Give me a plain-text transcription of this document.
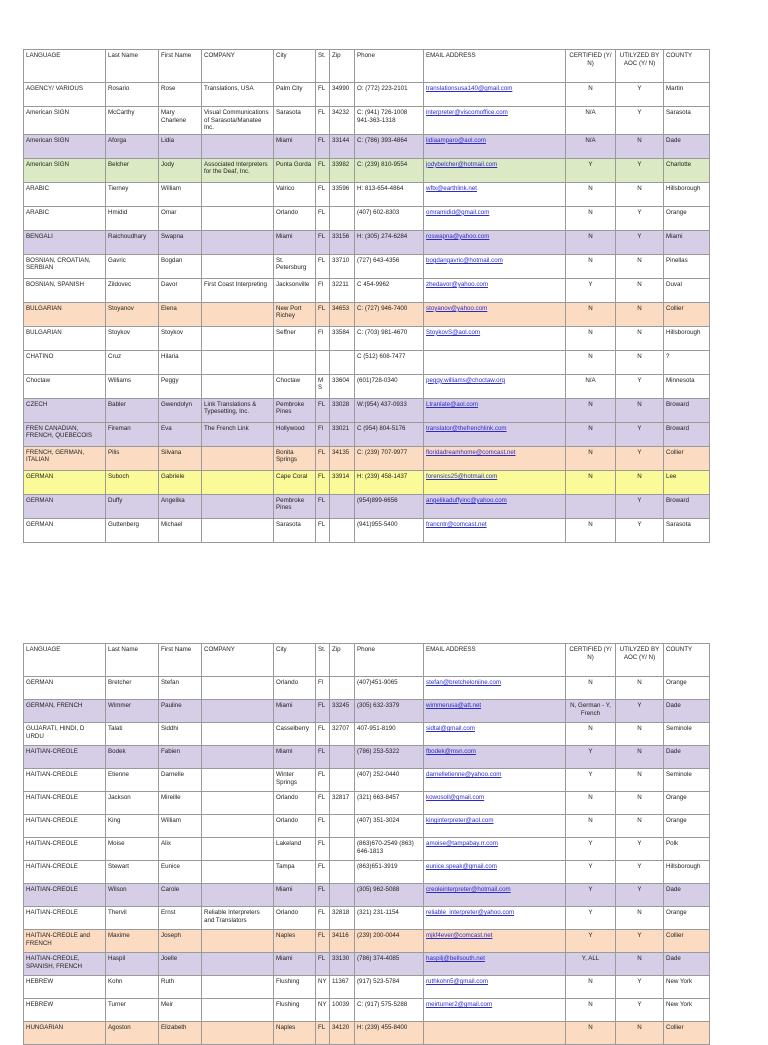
LANGUAGE	Last Name	First Name	COMPANY	City	St.	Zip	Phone	EMAIL ADDRESS	CERTIFIED (Y/ N)	UTILYZED BY AOC (Y/ N)	COUNTY
AGENCY/ VARIOUS	Rosario	Rose	Translations, USA	Palm City	FL	34990	O: (772) 223-2101	translationsusa140@gmail.com	N	Y	Martin
American SIGN	McCarthy	Mary Charlene	Visual Communications of Sarasota/Manatee Inc.	Sarasota	FL	34232	C: (941) 726-1008 941-363-1318	interpreter@viscomoffice.com	N/A	Y	Sarasota
American SIGN	Aforga	Lidia		Miami	FL	33144	C: (786) 393-4864	lidiaamparo@aol.com	N/A	N	Dade
American SIGN	Belcher	Jody	Associated Interpreters for the Deaf, Inc.	Punta Gorda	FL	33982	C: (239) 810-9554	jodybelcher@hotmail.com	Y	Y	Charlotte
ARABIC	Tierney	William		Valrico	FL	33596	H: 813-654-4864	wftx@earthlink.net	N	N	Hillsborough
ARABIC	Hmidid	Omar		Orlando	FL		(407) 602-8303	omramidid@gmail.com	N	Y	Orange
BENGALI	Raichoudhary	Swapna		Miami	FL	33156	H: (305) 274-6284	roswapna@yahoo.com	N	Y	Miami
BOSNIAN, CROATIAN, SERBIAN	Gavric	Bogdan		St. Petersburg	FL	33710	(727) 643-4356	bogdangavric@hotmail.com	N	N	Pinellas
BOSNIAN, SPANISH	Zildovec	Davor	First Coast Interpreting	Jacksonville	Fl	32211	C 454-9962	zhedavor@yahoo.com	Y	N	Duval
BULGARIAN	Stoyanov	Elena		New Port Richey	FL	34653	C: (727) 946-7400	stoyanov@yahoo.com	N	N	Collier
BULGARIAN	Stoykov	Stoykov		Seffner	Fl	33584	C: (703) 981-4670	StoykovS@aol.com	N	N	Hillsborough
CHATINO	Cruz	Hilaria					C (512) 608-7477		N	N	?
Choctaw	Williams	Peggy		Choctaw	MS	33604	(601)728-0340	peggy.williams@choctaw.org	N/A	Y	Minnesota
CZECH	Babler	Gwendolyn	Link Translations & Typesetting, Inc.	Pembroke Pines	FL	33028	W:(954) 437-0933	Ltranlate@aol.com	N	N	Broward
FREN CANADIAN, FRENCH, QUEBECOIS	Fireman	Eva	The French Link	Hollywood	Fl	33021	C (954) 804-5176	translator@thefrenchlink.com	N	Y	Broward
FRENCH, GERMAN, ITALIAN	Pilis	Silvana		Bonita Springs	FL	34135	C: (239) 707-9977	floridadreamhome@comcast.net	N	Y	Collier
GERMAN	Suboch	Gabriele		Cape Coral	FL	33914	H: (239) 458-1437	forensics25@hotmail.com	N	N	Lee
GERMAN	Duffy	Angelika		Pembroke Pines	FL		(954)899-6656	angelikaduffyinc@yahoo.com		Y	Broward
GERMAN	Guttenberg	Michael		Sarasota	FL		(941)955-5400	francntr@comcast.net	N	Y	Sarasota
LANGUAGE	Last Name	First Name	COMPANY	City	St.	Zip	Phone	EMAIL ADDRESS	CERTIFIED (Y/ N)	UTILYZED BY AOC (Y/ N)	COUNTY
GERMAN	Bretcher	Stefan		Orlando	Fl		(407)451-9065	stefan@bretcheloniine.com	N	N	Orange
GERMAN, FRENCH	Wimmer	Pauline		Miami	FL	33245	(305) 632-3379	wimmerusa@att.net	N, German - Y, French	Y	Dade
GUJARATI, HINDI, D URDU	Talati	Siddhi		Casselberry	FL	32707	407-951-8190	sidtal@gmail.com	N	N	Seminole
HAITIAN-CREOLE	Bodek	Fabien		Miami	FL		(786) 253-5322	fbodek@msn.com	Y	N	Dade
HAITIAN-CREOLE	Etienne	Darnelle		Winter Springs	FL		(407) 252-0440	darnelletienne@yahoo.com	Y	N	Seminole
HAITIAN-CREOLE	Jackson	Mireille		Orlando	FL	32817	(321) 663-8457	kowosoll@gmail.com	N	N	Orange
HAITIAN-CREOLE	King	William		Orlando	FL		(407) 351-3024	kinginterpreter@aol.com	N	N	Orange
HAITIAN-CREOLE	Moise	Alix		Lakeland	FL		(863)670-2549 (863) 646-1813	amoise@tampabay.rr.com	Y	Y	Polk
HAITIAN-CREOLE	Stewart	Eunice		Tampa	FL		(863)651-3919	eunice.speak@gmail.com	Y	Y	Hillsborough
HAITIAN-CREOLE	Wilson	Carole		Miami	FL		(305) 962-5088	creoleinterpreter@hotmail.com	Y	Y	Dade
HAITIAN-CREOLE	Thervil	Ernst	Reliable Interpreters and Translators	Orlando	FL	32818	(321) 231-1154	reliable_interpreter@yahoo.com	Y	N	Orange
HAITIAN-CREOLE and FRENCH	Maxime	Joseph		Naples	FL	34116	(239) 200-0044	mjkf4ever@comcast.net	Y	Y	Collier
HAITIAN-CREOLE, SPANISH, FRENCH	Haspil	Joelle		Miami	FL	33130	(786) 374-4085	haspilj@bellsouth.net	Y, ALL	N	Dade
HEBREW	Kohn	Ruth		Flushing	NY	11367	(917) 523-5784	ruthkohn5@gmail.com	N	Y	New York
HEBREW	Turner	Meir		Flushing	NY	10039	C: (917) 575-5288	meirturner2@gmail.com	N	Y	New York
HUNGARIAN	Agoston	Elizabeth		Naples	FL	34120	H: (239) 455-8400		N	N	Collier
